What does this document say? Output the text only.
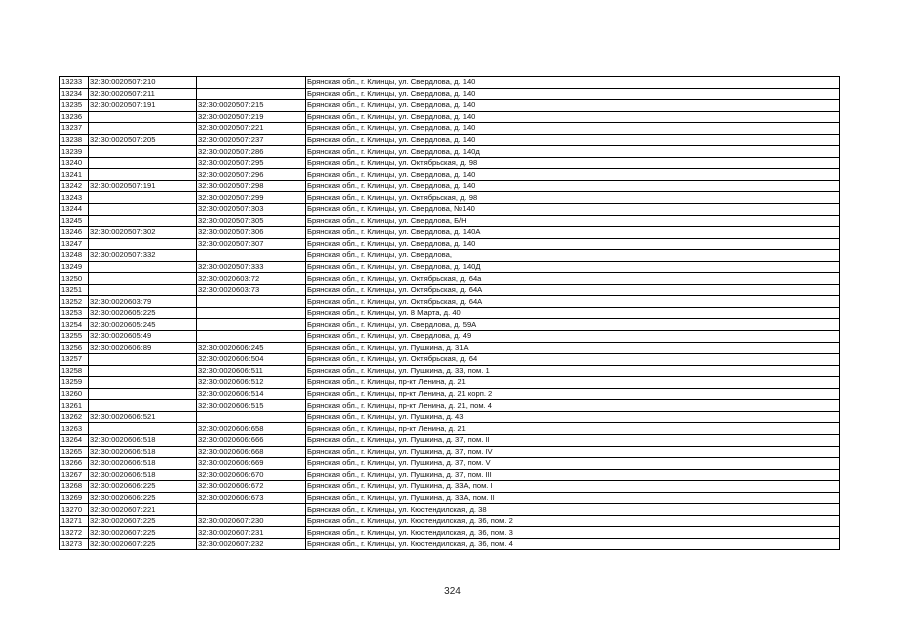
13233	32:30:0020507:210		Брянская обл., г. Клинцы, ул. Свердлова, д. 140
13234	32:30:0020507:211		Брянская обл., г. Клинцы, ул. Свердлова, д. 140
13235	32:30:0020507:191	32:30:0020507:215	Брянская обл., г. Клинцы, ул. Свердлова, д. 140
13236		32:30:0020507:219	Брянская обл., г. Клинцы, ул. Свердлова, д. 140
13237		32:30:0020507:221	Брянская обл., г. Клинцы, ул. Свердлова, д. 140
13238	32:30:0020507:205	32:30:0020507:237	Брянская обл., г. Клинцы, ул. Свердлова, д. 140
13239		32:30:0020507:286	Брянская обл., г. Клинцы, ул. Свердлова, д. 140д
13240		32:30:0020507:295	Брянская обл., г. Клинцы, ул. Октябрьская, д. 98
13241		32:30:0020507:296	Брянская обл., г. Клинцы, ул. Свердлова, д. 140
13242	32:30:0020507:191	32:30:0020507:298	Брянская обл., г. Клинцы, ул. Свердлова, д. 140
13243		32:30:0020507:299	Брянская обл., г. Клинцы, ул. Октябрьская, д. 98
13244		32:30:0020507:303	Брянская обл., г. Клинцы, ул. Свердлова, №140
13245		32:30:0020507:305	Брянская обл., г. Клинцы, ул. Свердлова, Б/Н
13246	32:30:0020507:302	32:30:0020507:306	Брянская обл., г. Клинцы, ул. Свердлова, д. 140А
13247		32:30:0020507:307	Брянская обл., г. Клинцы, ул. Свердлова, д. 140
13248	32:30:0020507:332		Брянская обл., г. Клинцы, ул. Свердлова,
13249		32:30:0020507:333	Брянская обл., г. Клинцы, ул. Свердлова, д. 140Д
13250		32:30:0020603:72	Брянская обл., г. Клинцы, ул. Октябрьская, д. 64а
13251		32:30:0020603:73	Брянская обл., г. Клинцы, ул. Октябрьская, д. 64А
13252	32:30:0020603:79		Брянская обл., г. Клинцы, ул. Октябрьская, д. 64А
13253	32:30:0020605:225		Брянская обл., г. Клинцы, ул. 8 Марта, д. 40
13254	32:30:0020605:245		Брянская обл., г. Клинцы, ул. Свердлова, д. 59А
13255	32:30:0020605:49		Брянская обл., г. Клинцы, ул. Свердлова, д. 49
13256	32:30:0020606:89	32:30:0020606:245	Брянская обл., г. Клинцы, ул. Пушкина, д. 31А
13257		32:30:0020606:504	Брянская обл., г. Клинцы, ул. Октябрьская, д. 64
13258		32:30:0020606:511	Брянская обл., г. Клинцы, ул. Пушкина, д. 33, пом. 1
13259		32:30:0020606:512	Брянская обл., г. Клинцы, пр-кт Ленина, д. 21
13260		32:30:0020606:514	Брянская обл., г. Клинцы, пр-кт Ленина, д. 21 корп. 2
13261		32:30:0020606:515	Брянская обл., г. Клинцы, пр-кт Ленина, д. 21, пом. 4
13262	32:30:0020606:521		Брянская обл., г. Клинцы, ул. Пушкина, д. 43
13263		32:30:0020606:658	Брянская обл., г. Клинцы, пр-кт Ленина, д. 21
13264	32:30:0020606:518	32:30:0020606:666	Брянская обл., г. Клинцы, ул. Пушкина, д. 37, пом. II
13265	32:30:0020606:518	32:30:0020606:668	Брянская обл., г. Клинцы, ул. Пушкина, д. 37, пом. IV
13266	32:30:0020606:518	32:30:0020606:669	Брянская обл., г. Клинцы, ул. Пушкина, д. 37, пом. V
13267	32:30:0020606:518	32:30:0020606:670	Брянская обл., г. Клинцы, ул. Пушкина, д. 37, пом. III
13268	32:30:0020606:225	32:30:0020606:672	Брянская обл., г. Клинцы, ул. Пушкина, д. 33А, пом. I
13269	32:30:0020606:225	32:30:0020606:673	Брянская обл., г. Клинцы, ул. Пушкина, д. 33А, пом. II
13270	32:30:0020607:221		Брянская обл., г. Клинцы, ул. Кюстендилская, д. 38
13271	32:30:0020607:225	32:30:0020607:230	Брянская обл., г. Клинцы, ул. Кюстендилская, д. 36, пом. 2
13272	32:30:0020607:225	32:30:0020607:231	Брянская обл., г. Клинцы, ул. Кюстендилская, д. 36, пом. 3
13273	32:30:0020607:225	32:30:0020607:232	Брянская обл., г. Клинцы, ул. Кюстендилская, д. 36, пом. 4
324
